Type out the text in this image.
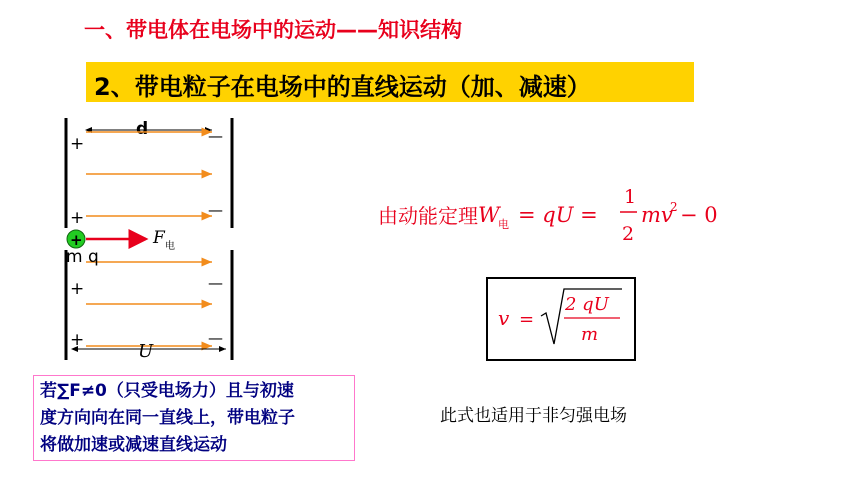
一、带电体在电场中的运动——知识结构
2、带电粒子在电场中的直线运动（加、减速）
d
+
+
+
+
—
—
—
—
U
+
m q
F 电
由动能定理 W
电 = qU =
1
2
mv
2 − 0
v =
2 qU
m
若∑F≠0（只受电场力）且与初速
度方向向在同一直线上，带电粒子
将做加速或减速直线运动
此式也适用于非匀强电场
